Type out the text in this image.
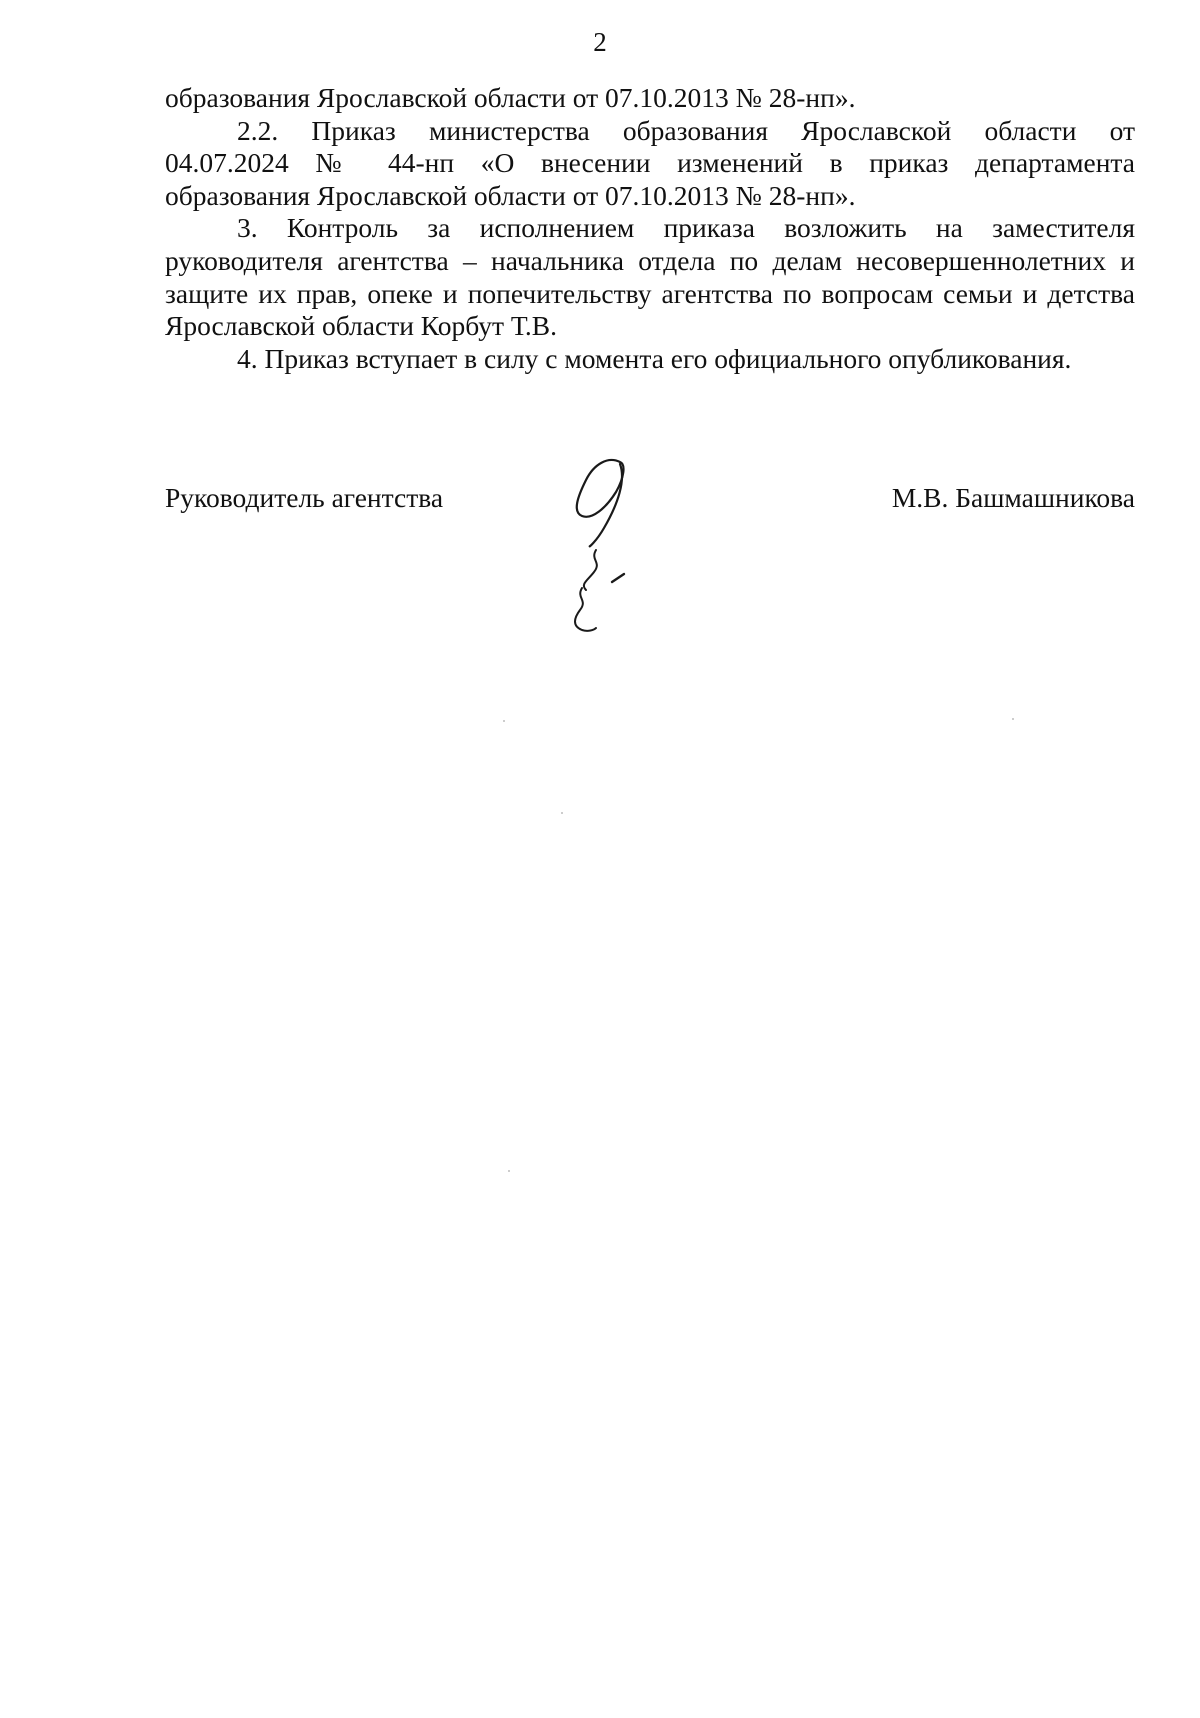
2
образования Ярославской области от 07.10.2013 № 28-нп».
2.2. Приказ министерства образования Ярославской области от
04.07.2024 № 44-нп «О внесении изменений в приказ департамента
образования Ярославской области от 07.10.2013 № 28-нп».
3. Контроль за исполнением приказа возложить на заместителя
руководителя агентства – начальника отдела по делам несовершеннолетних и
защите их прав, опеке и попечительству агентства по вопросам семьи и детства
Ярославской области Корбут Т.В.
4. Приказ вступает в силу с момента его официального опубликования.
Руководитель агентства	М.В. Башмашникова
